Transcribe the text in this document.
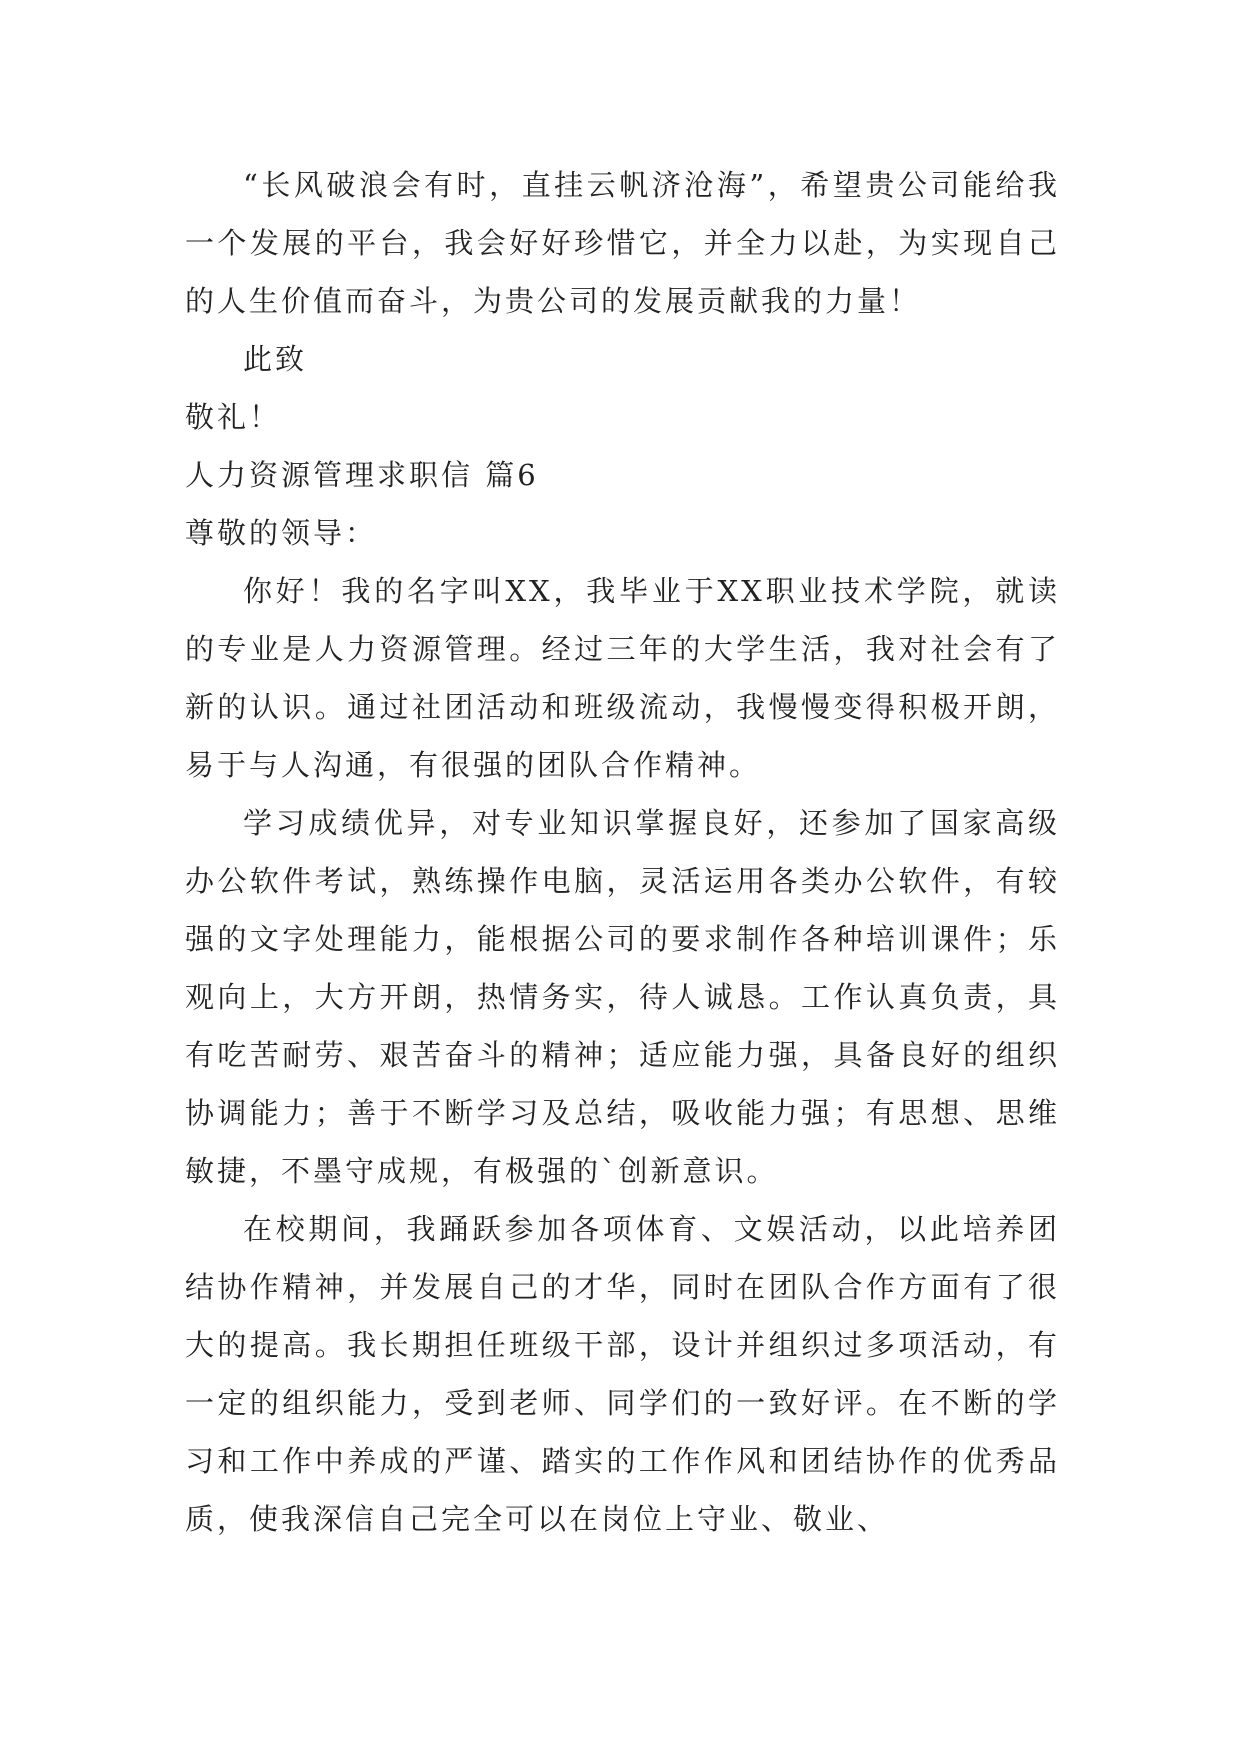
“长风破浪会有时，直挂云帆济沧海”，希望贵公司能给我一个发展的平台，我会好好珍惜它，并全力以赴，为实现自己的人生价值而奋斗，为贵公司的发展贡献我的力量！

此致

敬礼！

人力资源管理求职信 篇6

尊敬的领导：

你好！我的名字叫XX，我毕业于XX职业技术学院，就读的专业是人力资源管理。经过三年的大学生活，我对社会有了新的认识。通过社团活动和班级流动，我慢慢变得积极开朗，易于与人沟通，有很强的团队合作精神。

学习成绩优异，对专业知识掌握良好，还参加了国家高级办公软件考试，熟练操作电脑，灵活运用各类办公软件，有较强的文字处理能力，能根据公司的要求制作各种培训课件；乐观向上，大方开朗，热情务实，待人诚恳。工作认真负责，具有吃苦耐劳、艰苦奋斗的精神；适应能力强，具备良好的组织协调能力；善于不断学习及总结，吸收能力强；有思想、思维敏捷，不墨守成规，有极强的`创新意识。

在校期间，我踊跃参加各项体育、文娱活动，以此培养团结协作精神，并发展自己的才华，同时在团队合作方面有了很大的提高。我长期担任班级干部，设计并组织过多项活动，有一定的组织能力，受到老师、同学们的一致好评。在不断的学习和工作中养成的严谨、踏实的工作作风和团结协作的优秀品质，使我深信自己完全可以在岗位上守业、敬业、
